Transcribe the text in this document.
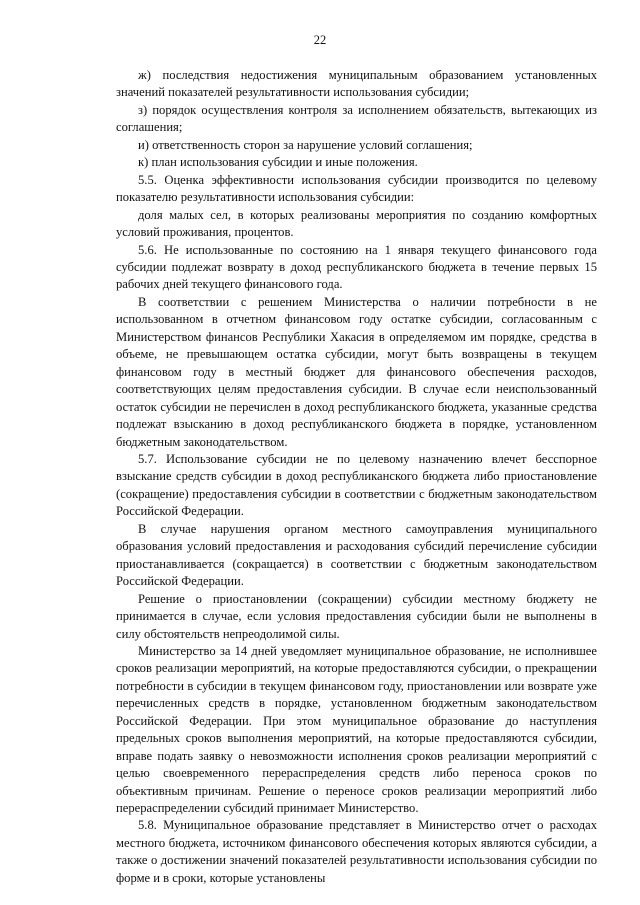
22

ж) последствия недостижения муниципальным образованием установленных значений показателей результативности использования субсидии;

з) порядок осуществления контроля за исполнением обязательств, вытекающих из соглашения;

и) ответственность сторон за нарушение условий соглашения;

к) план использования субсидии и иные положения.

5.5. Оценка эффективности использования субсидии производится по целевому показателю результативности использования субсидии:

доля малых сел, в которых реализованы мероприятия по созданию комфортных условий проживания, процентов.

5.6. Не использованные по состоянию на 1 января текущего финансового года субсидии подлежат возврату в доход республиканского бюджета в течение первых 15 рабочих дней текущего финансового года.

В соответствии с решением Министерства о наличии потребности в не использованном в отчетном финансовом году остатке субсидии, согласованным с Министерством финансов Республики Хакасия в определяемом им порядке, средства в объеме, не превышающем остатка субсидии, могут быть возвращены в текущем финансовом году в местный бюджет для финансового обеспечения расходов, соответствующих целям предоставления субсидии. В случае если неиспользованный остаток субсидии не перечислен в доход республиканского бюджета, указанные средства подлежат взысканию в доход республиканского бюджета в порядке, установленном бюджетным законодательством.

5.7. Использование субсидии не по целевому назначению влечет бесспорное взыскание средств субсидии в доход республиканского бюджета либо приостановление (сокращение) предоставления субсидии в соответствии с бюджетным законодательством Российской Федерации.

В случае нарушения органом местного самоуправления муниципального образования условий предоставления и расходования субсидий перечисление субсидии приостанавливается (сокращается) в соответствии с бюджетным законодательством Российской Федерации.

Решение о приостановлении (сокращении) субсидии местному бюджету не принимается в случае, если условия предоставления субсидии были не выполнены в силу обстоятельств непреодолимой силы.

Министерство за 14 дней уведомляет муниципальное образование, не исполнившее сроков реализации мероприятий, на которые предоставляются субсидии, о прекращении потребности в субсидии в текущем финансовом году, приостановлении или возврате уже перечисленных средств в порядке, установленном бюджетным законодательством Российской Федерации. При этом муниципальное образование до наступления предельных сроков выполнения мероприятий, на которые предоставляются субсидии, вправе подать заявку о невозможности исполнения сроков реализации мероприятий с целью своевременного перераспределения средств либо переноса сроков по объективным причинам. Решение о переносе сроков реализации мероприятий либо перераспределении субсидий принимает Министерство.

5.8. Муниципальное образование представляет в Министерство отчет о расходах местного бюджета, источником финансового обеспечения которых являются субсидии, а также о достижении значений показателей результативности использования субсидии по форме и в сроки, которые установлены
